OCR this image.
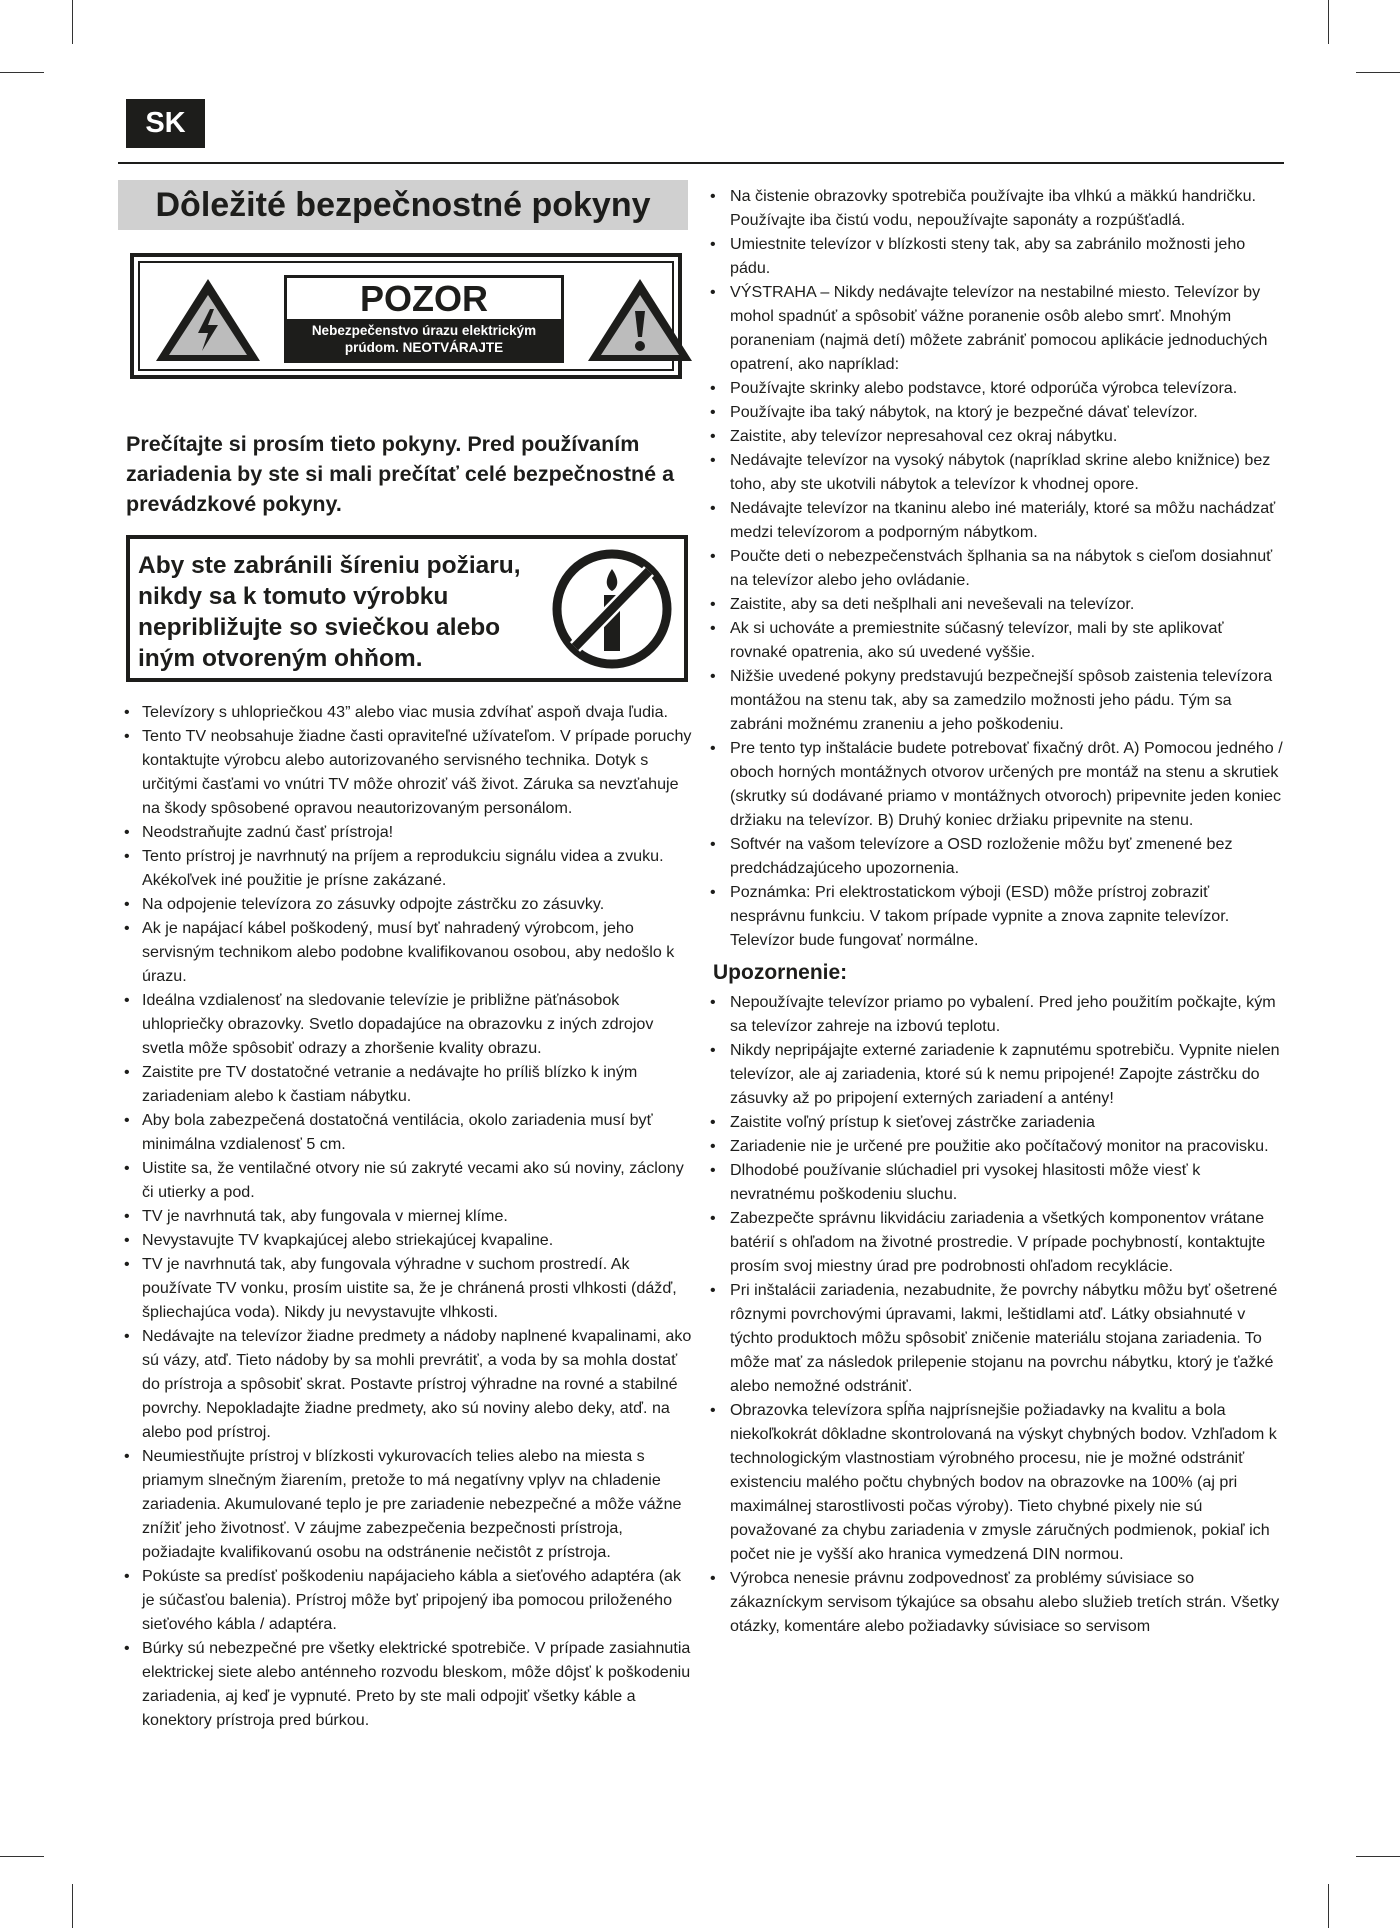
SK
Dôležité bezpečnostné pokyny
POZOR
Nebezpečenstvo úrazu elektrickým prúdom. NEOTVÁRAJTE
Prečítajte si prosím tieto pokyny. Pred používaním zariadenia by ste si mali prečítať celé bezpečnostné a prevádzkové pokyny.
Aby ste zabránili šíreniu požiaru, nikdy sa k tomuto výrobku nepribližujte so sviečkou alebo iným otvoreným ohňom.
• Televízory s uhlopriečkou 43” alebo viac musia zdvíhať aspoň dvaja ľudia.
• Tento TV neobsahuje žiadne časti opraviteľné užívateľom. V prípade poruchy kontaktujte výrobcu alebo autorizovaného servisného technika. Dotyk s určitými časťami vo vnútri TV môže ohroziť váš život. Záruka sa nevzťahuje na škody spôsobené opravou neautorizovaným personálom.
• Neodstraňujte zadnú časť prístroja!
• Tento prístroj je navrhnutý na príjem a reprodukciu signálu videa a zvuku. Akékoľvek iné použitie je prísne zakázané.
• Na odpojenie televízora zo zásuvky odpojte zástrčku zo zásuvky.
• Ak je napájací kábel poškodený, musí byť nahradený výrobcom, jeho servisným technikom alebo podobne kvalifikovanou osobou, aby nedošlo k úrazu.
• Ideálna vzdialenosť na sledovanie televízie je približne päťnásobok uhlopriečky obrazovky. Svetlo dopadajúce na obrazovku z iných zdrojov svetla môže spôsobiť odrazy a zhoršenie kvality obrazu.
• Zaistite pre TV dostatočné vetranie a nedávajte ho príliš blízko k iným zariadeniam alebo k častiam nábytku.
• Aby bola zabezpečená dostatočná ventilácia, okolo zariadenia musí byť minimálna vzdialenosť 5 cm.
• Uistite sa, že ventilačné otvory nie sú zakryté vecami ako sú noviny, záclony či utierky a pod.
• TV je navrhnutá tak, aby fungovala v miernej klíme.
• Nevystavujte TV kvapkajúcej alebo striekajúcej kvapaline.
• TV je navrhnutá tak, aby fungovala výhradne v suchom prostredí. Ak používate TV vonku, prosím uistite sa, že je chránená prosti vlhkosti (dážď, špliechajúca voda). Nikdy ju nevystavujte vlhkosti.
• Nedávajte na televízor žiadne predmety a nádoby naplnené kvapalinami, ako sú vázy, atď. Tieto nádoby by sa mohli prevrátiť, a voda by sa mohla dostať do prístroja a spôsobiť skrat. Postavte prístroj výhradne na rovné a stabilné povrchy. Nepokladajte žiadne predmety, ako sú noviny alebo deky, atď. na alebo pod prístroj.
• Neumiestňujte prístroj v blízkosti vykurovacích telies alebo na miesta s priamym slnečným žiarením, pretože to má negatívny vplyv na chladenie zariadenia. Akumulované teplo je pre zariadenie nebezpečné a môže vážne znížiť jeho životnosť. V záujme zabezpečenia bezpečnosti prístroja, požiadajte kvalifikovanú osobu na odstránenie nečistôt z prístroja.
• Pokúste sa predísť poškodeniu napájacieho kábla a sieťového adaptéra (ak je súčasťou balenia). Prístroj môže byť pripojený iba pomocou priloženého sieťového kábla / adaptéra.
• Búrky sú nebezpečné pre všetky elektrické spotrebiče. V prípade zasiahnutia elektrickej siete alebo anténneho rozvodu bleskom, môže dôjsť k poškodeniu zariadenia, aj keď je vypnuté. Preto by ste mali odpojiť všetky káble a konektory prístroja pred búrkou.
• Na čistenie obrazovky spotrebiča používajte iba vlhkú a mäkkú handričku. Používajte iba čistú vodu, nepoužívajte saponáty a rozpúšťadlá.
• Umiestnite televízor v blízkosti steny tak, aby sa zabránilo možnosti jeho pádu.
• VÝSTRAHA – Nikdy nedávajte televízor na nestabilné miesto. Televízor by mohol spadnúť a spôsobiť vážne poranenie osôb alebo smrť. Mnohým poraneniam (najmä detí) môžete zabrániť pomocou aplikácie jednoduchých opatrení, ako napríklad:
• Používajte skrinky alebo podstavce, ktoré odporúča výrobca televízora.
• Používajte iba taký nábytok, na ktorý je bezpečné dávať televízor.
• Zaistite, aby televízor nepresahoval cez okraj nábytku.
• Nedávajte televízor na vysoký nábytok (napríklad skrine alebo knižnice) bez toho, aby ste ukotvili nábytok a televízor k vhodnej opore.
• Nedávajte televízor na tkaninu alebo iné materiály, ktoré sa môžu nachádzať medzi televízorom a podporným nábytkom.
• Poučte deti o nebezpečenstvách šplhania sa na nábytok s cieľom dosiahnuť na televízor alebo jeho ovládanie.
• Zaistite, aby sa deti nešplhali ani neveševali na televízor.
• Ak si uchováte a premiestnite súčasný televízor, mali by ste aplikovať rovnaké opatrenia, ako sú uvedené vyššie.
• Nižšie uvedené pokyny predstavujú bezpečnejší spôsob zaistenia televízora montážou na stenu tak, aby sa zamedzilo možnosti jeho pádu. Tým sa zabráni možnému zraneniu a jeho poškodeniu.
• Pre tento typ inštalácie budete potrebovať fixačný drôt. A) Pomocou jedného / oboch horných montážnych otvorov určených pre montáž na stenu a skrutiek (skrutky sú dodávané priamo v montážnych otvoroch) pripevnite jeden koniec držiaku na televízor. B) Druhý koniec držiaku pripevnite na stenu.
• Softvér na vašom televízore a OSD rozloženie môžu byť zmenené bez predchádzajúceho upozornenia.
• Poznámka: Pri elektrostatickom výboji (ESD) môže prístroj zobraziť nesprávnu funkciu. V takom prípade vypnite a znova zapnite televízor. Televízor bude fungovať normálne.
Upozornenie:
• Nepoužívajte televízor priamo po vybalení. Pred jeho použitím počkajte, kým sa televízor zahreje na izbovú teplotu.
• Nikdy nepripájajte externé zariadenie k zapnutému spotrebiču. Vypnite nielen televízor, ale aj zariadenia, ktoré sú k nemu pripojené! Zapojte zástrčku do zásuvky až po pripojení externých zariadení a antény!
• Zaistite voľný prístup k sieťovej zástrčke zariadenia
• Zariadenie nie je určené pre použitie ako počítačový monitor na pracovisku.
• Dlhodobé používanie slúchadiel pri vysokej hlasitosti môže viesť k nevratnému poškodeniu sluchu.
• Zabezpečte správnu likvidáciu zariadenia a všetkých komponentov vrátane batérií s ohľadom na životné prostredie. V prípade pochybností, kontaktujte prosím svoj miestny úrad pre podrobnosti ohľadom recyklácie.
• Pri inštalácii zariadenia, nezabudnite, že povrchy nábytku môžu byť ošetrené rôznymi povrchovými úpravami, lakmi, leštidlami atď. Látky obsiahnuté v týchto produktoch môžu spôsobiť zničenie materiálu stojana zariadenia. To môže mať za následok prilepenie stojanu na povrchu nábytku, ktorý je ťažké alebo nemožné odstrániť.
• Obrazovka televízora spĺňa najprísnejšie požiadavky na kvalitu a bola niekoľkokrát dôkladne skontrolovaná na výskyt chybných bodov. Vzhľadom k technologickým vlastnostiam výrobného procesu, nie je možné odstrániť existenciu malého počtu chybných bodov na obrazovke na 100% (aj pri maximálnej starostlivosti počas výroby). Tieto chybné pixely nie sú považované za chybu zariadenia v zmysle záručných podmienok, pokiaľ ich počet nie je vyšší ako hranica vymedzená DIN normou.
• Výrobca nenesie právnu zodpovednosť za problémy súvisiace so zákazníckym servisom týkajúce sa obsahu alebo služieb tretích strán. Všetky otázky, komentáre alebo požiadavky súvisiace so servisom
